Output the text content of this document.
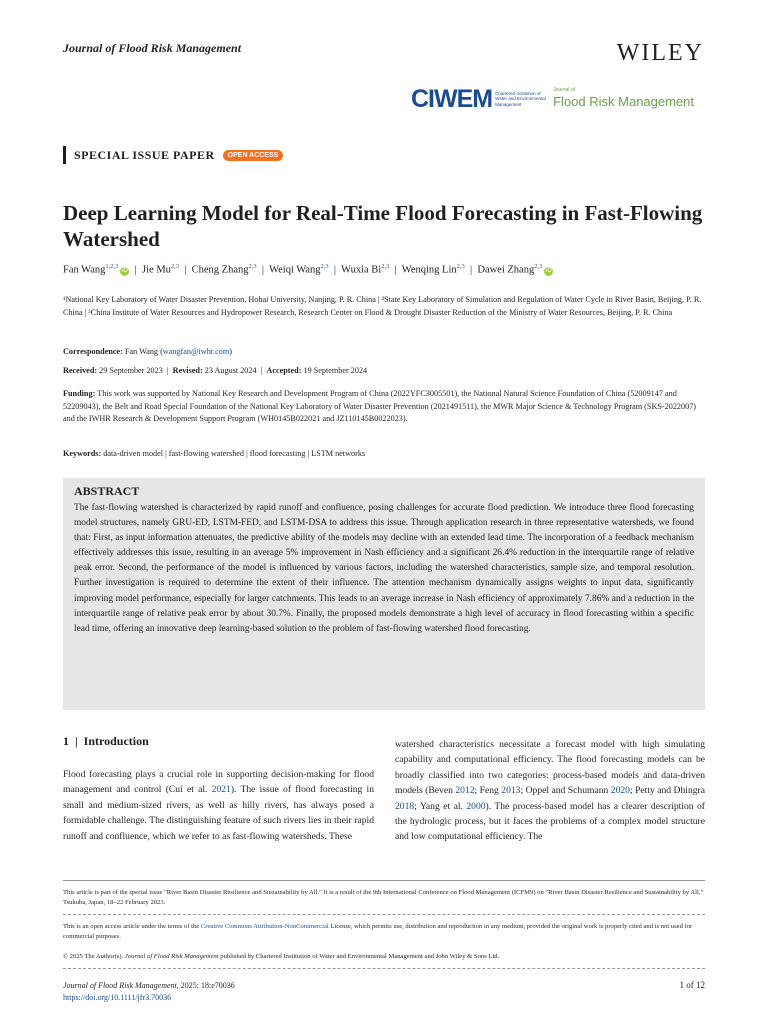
Journal of Flood Risk Management	WILEY
CIWEM Chartered Institution of Water and Environmental Management
Journal of
Flood Risk Management
SPECIAL ISSUE PAPER	OPEN ACCESS
Deep Learning Model for Real-Time Flood Forecasting in Fast-Flowing Watershed
Fan Wang$^{1,2,3}$iD  |  Jie Mu$^{2,3}$  |  Cheng Zhang$^{2,3}$  |  Weiqi Wang$^{2,3}$  |  Wuxia Bi$^{2,3}$  |  Wenqing Lin$^{2,3}$  |  Dawei Zhang$^{2,3}$iD
¹National Key Laboratory of Water Disaster Prevention, Hohai University, Nanjing, P. R. China | ²State Key Laboratory of Simulation and Regulation of Water Cycle in River Basin, Beijing, P. R. China | ³China Institute of Water Resources and Hydropower Research, Research Center on Flood & Drought Disaster Reduction of the Ministry of Water Resources, Beijing, P. R. China
Correspondence: Fan Wang (wangfan@iwhr.com)
Received: 29 September 2023  |  Revised: 23 August 2024  |  Accepted: 19 September 2024
Funding: This work was supported by National Key Research and Development Program of China (2022YFC3005501), the National Natural Science Foundation of China (52009147 and 52209043), the Belt and Road Special Foundation of the National Key Laboratory of Water Disaster Prevention (2021491511), the MWR Major Science & Technology Program (SKS-2022007) and the IWHR Research & Development Support Program (WH0145B022021 and JZ110145B0022023).
Keywords: data-driven model | fast-flowing watershed | flood forecasting | LSTM networks
ABSTRACT
The fast-flowing watershed is characterized by rapid runoff and confluence, posing challenges for accurate flood prediction. We introduce three flood forecasting model structures, namely GRU-ED, LSTM-FED, and LSTM-DSA to address this issue. Through application research in three representative watersheds, we found that: First, as input information attenuates, the predictive ability of the models may decline with an extended lead time. The incorporation of a feedback mechanism effectively addresses this issue, resulting in an average 5% improvement in Nash efficiency and a significant 26.4% reduction in the interquartile range of relative peak error. Second, the performance of the model is influenced by various factors, including the watershed characteristics, sample size, and temporal resolution. Further investigation is required to determine the extent of their influence. The attention mechanism dynamically assigns weights to input data, significantly improving model performance, especially for larger catchments. This leads to an average increase in Nash efficiency of approximately 7.86% and a reduction in the interquartile range of relative peak error by about 30.7%. Finally, the proposed models demonstrate a high level of accuracy in flood forecasting within a specific lead time, offering an innovative deep learning-based solution to the problem of fast-flowing watershed flood forecasting.
1  |  Introduction
Flood forecasting plays a crucial role in supporting decision-making for flood management and control (Cui et al. 2021). The issue of flood forecasting in small and medium-sized rivers, as well as hilly rivers, has always posed a formidable challenge. The distinguishing feature of such rivers lies in their rapid runoff and confluence, which we refer to as fast-flowing watersheds. These
watershed characteristics necessitate a forecast model with high simulating capability and computational efficiency. The flood forecasting models can be broadly classified into two categories: process-based models and data-driven models (Beven 2012; Feng 2013; Oppel and Schumann 2020; Petty and Dhingra 2018; Yang et al. 2000). The process-based model has a clearer description of the hydrologic process, but it faces the problems of a complex model structure and low computational efficiency. The
This article is part of the special issue "River Basin Disaster Resilience and Sustainability by All." It is a result of the 9th International Conference on Flood Management (ICFM9) on "River Basin Disaster Resilience and Sustainability by All," Tsukuba, Japan, 18–22 February 2023.
This is an open access article under the terms of the Creative Commons Attribution-NonCommercial License, which permits use, distribution and reproduction in any medium, provided the original work is properly cited and is not used for commercial purposes.
© 2025 The Author(s). Journal of Flood Risk Management published by Chartered Institution of Water and Environmental Management and John Wiley & Sons Ltd.
Journal of Flood Risk Management, 2025; 18:e70036
https://doi.org/10.1111/jfr3.70036
1 of 12
